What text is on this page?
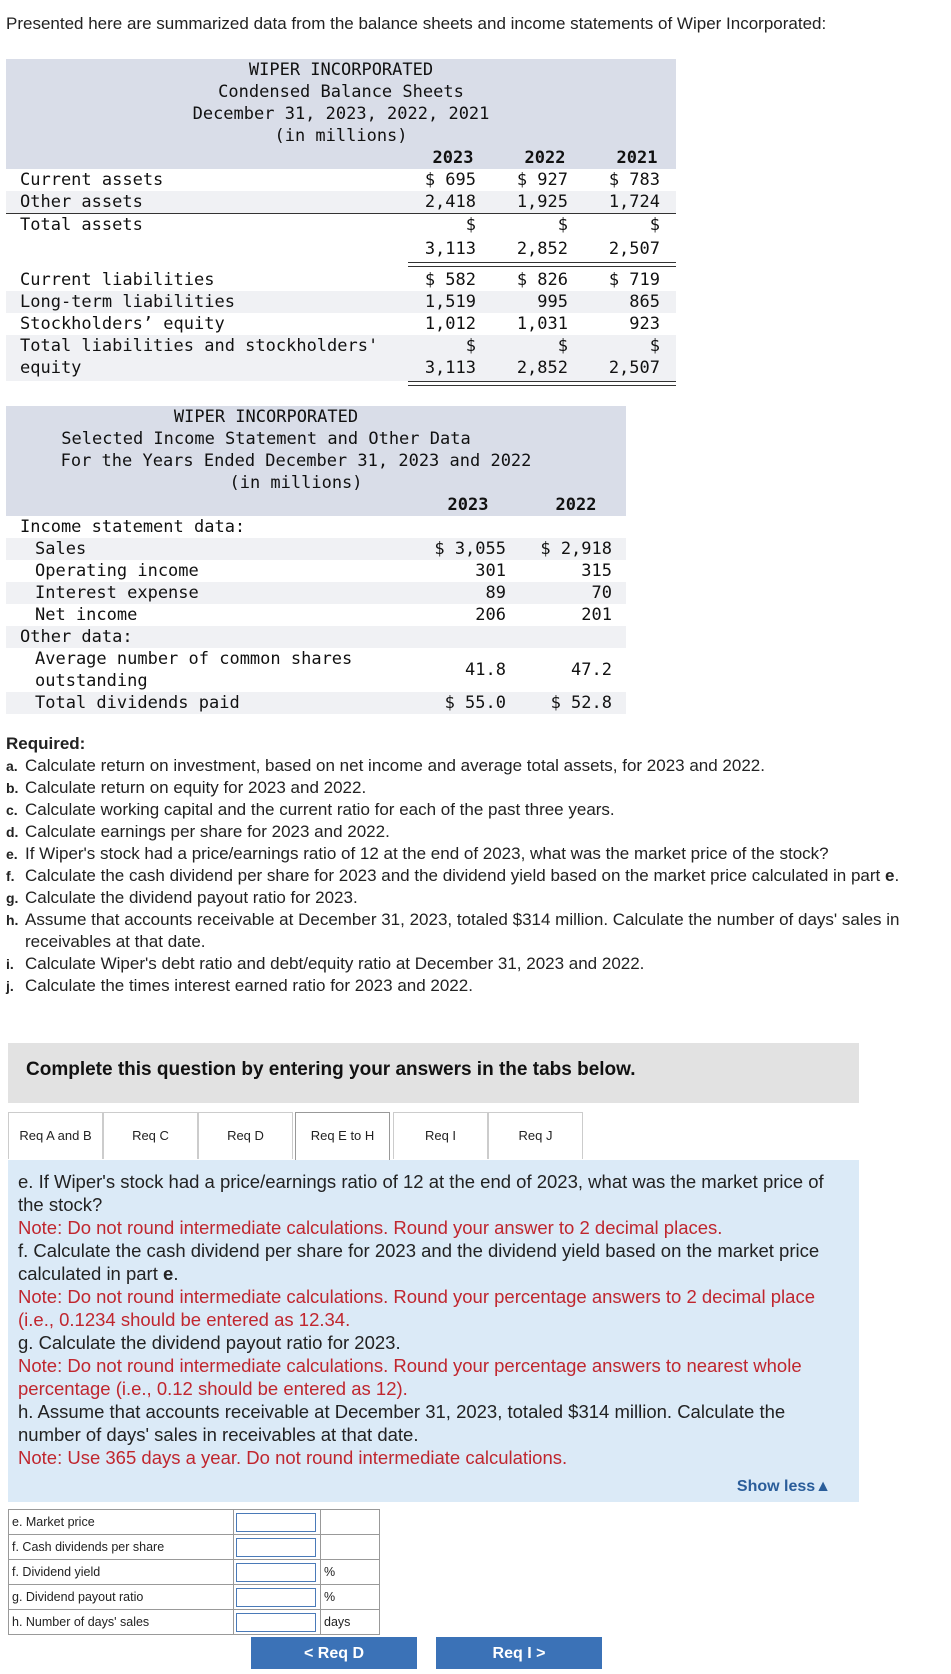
Presented here are summarized data from the balance sheets and income statements of Wiper Incorporated:
WIPER INCORPORATED
Condensed Balance Sheets
December 31, 2023, 2022, 2021
(in millions)
2023	2022	2021
Current assets	$ 695 $ 927 $ 783
Other assets	2,418 1,925 1,724
Total assets	$	$	$
3,113 2,852 2,507
Current liabilities	$ 582 $ 826 $ 719
Long-term liabilities	1,519	995	865
Stockholders’ equity	1,012 1,031	923
Total liabilities and stockholders'
equity
$	$	$
3,113 2,852 2,507
WIPER INCORPORATED
Selected Income Statement and Other Data
For the Years Ended December 31, 2023 and 2022
(in millions)
2023	2022
Income statement data:
Sales	$ 3,055 $ 2,918
Operating income	301	315
Interest expense	89	70
Net income	206	201
Other data:
Average number of common shares
outstanding
41.8	47.2
Total dividends paid	$ 55.0	$ 52.8
Required:
a. Calculate return on investment, based on net income and average total assets, for 2023 and 2022.
b. Calculate return on equity for 2023 and 2022.
c. Calculate working capital and the current ratio for each of the past three years.
d. Calculate earnings per share for 2023 and 2022.
e. If Wiper's stock had a price/earnings ratio of 12 at the end of 2023, what was the market price of the stock?
f. Calculate the cash dividend per share for 2023 and the dividend yield based on the market price calculated in part e.
g. Calculate the dividend payout ratio for 2023.
h. Assume that accounts receivable at December 31, 2023, totaled $314 million. Calculate the number of days' sales in receivables at that date.
i. Calculate Wiper's debt ratio and debt/equity ratio at December 31, 2023 and 2022.
j. Calculate the times interest earned ratio for 2023 and 2022.
Complete this question by entering your answers in the tabs below.
Req A and B	Req C	Req D	Req E to H	Req I	Req J
e. If Wiper's stock had a price/earnings ratio of 12 at the end of 2023, what was the market price of the stock?
Note: Do not round intermediate calculations. Round your answer to 2 decimal places.
f. Calculate the cash dividend per share for 2023 and the dividend yield based on the market price calculated in part e.
Note: Do not round intermediate calculations. Round your percentage answers to 2 decimal place (i.e., 0.1234 should be entered as 12.34.
g. Calculate the dividend payout ratio for 2023.
Note: Do not round intermediate calculations. Round your percentage answers to nearest whole percentage (i.e., 0.12 should be entered as 12).
h. Assume that accounts receivable at December 31, 2023, totaled $314 million. Calculate the number of days' sales in receivables at that date.
Note: Use 365 days a year. Do not round intermediate calculations.
Show less▲
e. Market price		
f. Cash dividends per share		
f. Dividend yield		%
g. Dividend payout ratio		%
h. Number of days' sales		days
< Req D	Req I >
